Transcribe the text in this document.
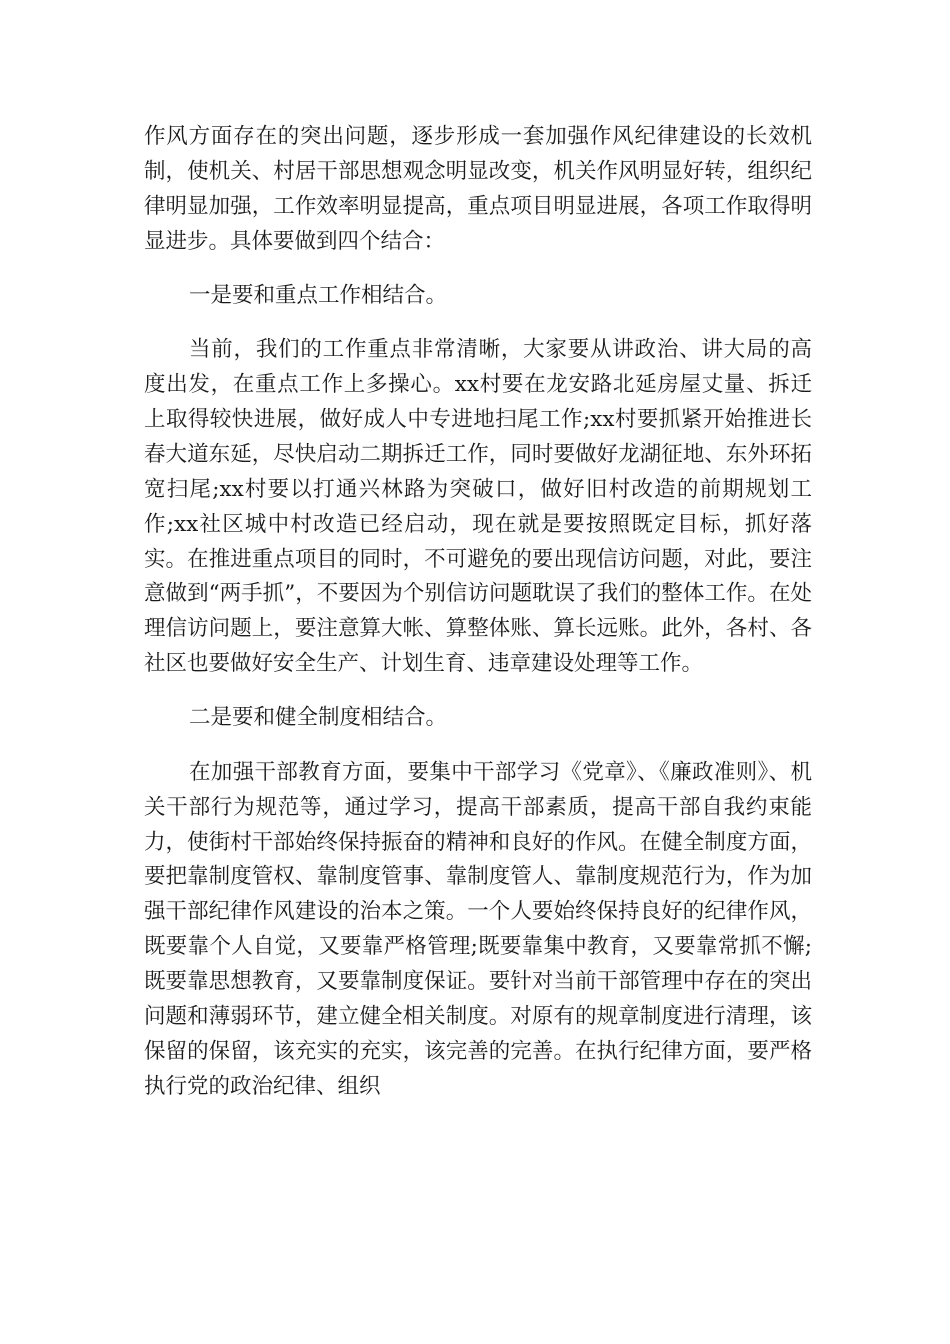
作风方面存在的突出问题，逐步形成一套加强作风纪律建设的长效机制，使机关、村居干部思想观念明显改变，机关作风明显好转，组织纪律明显加强，工作效率明显提高，重点项目明显进展，各项工作取得明显进步。具体要做到四个结合：

一是要和重点工作相结合。

当前，我们的工作重点非常清晰，大家要从讲政治、讲大局的高度出发，在重点工作上多操心。xx村要在龙安路北延房屋丈量、拆迁上取得较快进展，做好成人中专进地扫尾工作;xx村要抓紧开始推进长春大道东延，尽快启动二期拆迁工作，同时要做好龙湖征地、东外环拓宽扫尾;xx村要以打通兴林路为突破口，做好旧村改造的前期规划工作;xx社区城中村改造已经启动，现在就是要按照既定目标，抓好落实。在推进重点项目的同时，不可避免的要出现信访问题，对此，要注意做到“两手抓”，不要因为个别信访问题耽误了我们的整体工作。在处理信访问题上，要注意算大帐、算整体账、算长远账。此外，各村、各社区也要做好安全生产、计划生育、违章建设处理等工作。

二是要和健全制度相结合。

在加强干部教育方面，要集中干部学习《党章》、《廉政准则》、机关干部行为规范等，通过学习，提高干部素质，提高干部自我约束能力，使街村干部始终保持振奋的精神和良好的作风。在健全制度方面，要把靠制度管权、靠制度管事、靠制度管人、靠制度规范行为，作为加强干部纪律作风建设的治本之策。一个人要始终保持良好的纪律作风，既要靠个人自觉，又要靠严格管理;既要靠集中教育，又要靠常抓不懈;既要靠思想教育，又要靠制度保证。要针对当前干部管理中存在的突出问题和薄弱环节，建立健全相关制度。对原有的规章制度进行清理，该保留的保留，该充实的充实，该完善的完善。在执行纪律方面，要严格执行党的政治纪律、组织
